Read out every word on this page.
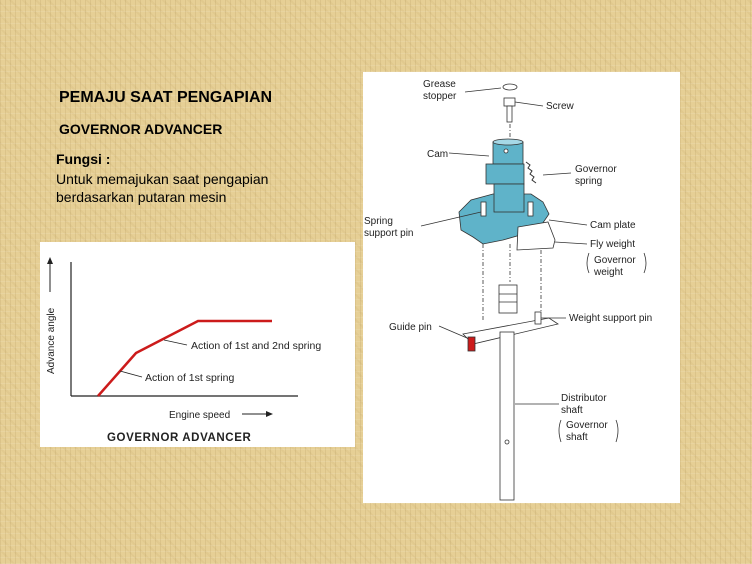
PEMAJU SAAT PENGAPIAN
GOVERNOR ADVANCER
Fungsi :
Untuk memajukan saat pengapian berdasarkan putaran mesin
Advance angle
Engine speed
Action of 1st spring
Action of 1st and 2nd spring
GOVERNOR ADVANCER
Grease
stopper
Screw
Cam
Governor
spring
Spring
support pin
Cam plate
Fly weight
Governor
weight
Guide pin
Weight support pin
Distributor
shaft
Governor
shaft
